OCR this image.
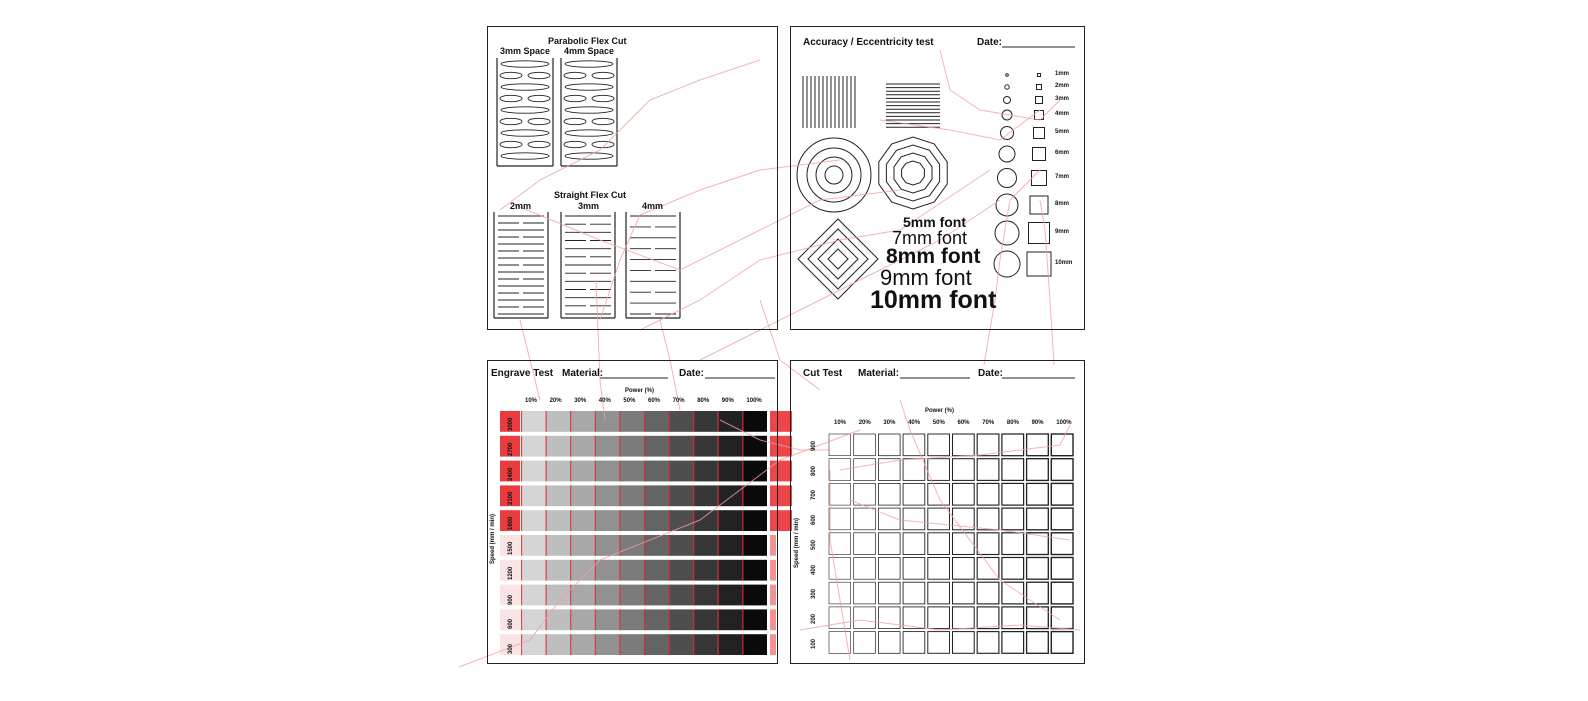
Parabolic Flex Cut
3mm Space 4mm Space
Straight Flex Cut
2mm	3mm	4mm
Accuracy / Eccentricity test	Date:
1mm
2mm
3mm
4mm
5mm
6mm
7mm
8mm
9mm
10mm
5mm font
7mm font
8mm font
9mm font
10mm font
Engrave Test Material:	Date:
Power (%)
10% 20% 30% 40% 50% 60% 70% 80% 90% 100%
3000
2700
2400
2100
1800
1500
1200
900
600
300
Speed (mm / min)
Cut Test Material:	Date:
Power (%)
10% 20% 30% 40% 50% 60% 70% 80% 90% 100%
900
800
700
600
500
400
300
200
100
Speed (mm / min)
